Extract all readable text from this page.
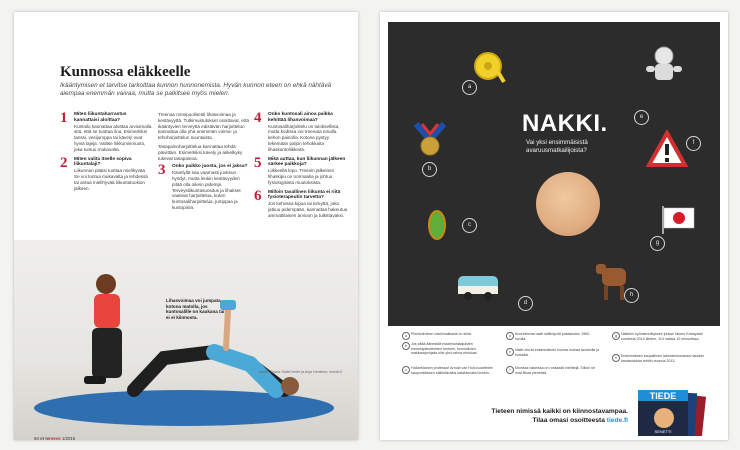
Kunnossa eläkkeelle

Ikääntymisen et tarvitse tarkoittaa kunnon huononemista. Hyvän kunnon eteen on ehkä nähtävä aiempaa enemmän vaivaa, mutta se palkitsee myös mielen.

1 Miten liikuntaharrastus kannattaisi aloittaa?
Kuntoilu kannattaa aloittaa arvioimalla sitä, että se tuottaa iloa. Esimerkiksi tanssi, vesijumppa tai kävely ovat hyviä lajeja. Valitse liikkumismuoto, joka tuntuu mukavalta.
2 Miten valita itselle sopiva liikuntalaji?
Liikunnan pitäisi tuottaa mielihyvää. Se voi tuntua mukavalta ja tehdessä tai antaa mielihyvää liikuntatuokion jälkeen.

Treenaa monipuolisesti lihasvoimaa ja kestävyyttä. Tutkimustulokset osoittavat, että ikääntyvien terveyttä edistävän harjoittelun kannattaa olla yhä enemmän voima- ja tehoharjoittelun suuntaista.

Tasapainoharjoittelua kannattaa tehdä päivittäin. Esimerkiksi kävely ja askelkyky tukevat tasapainoa.

3 Onko paikko juosta, jos ei jaksa?
Kävelyllä saa vaarnasti juoksun hyödyt, mutta lenkin kestävyyden pitää olla oikein pidempi. Terveysliikuntasuositus ja lihakset vaativat harjoittelua, kuten kuntosaliharjoittelua, jumppaa ja kuntopiiriä.
4 Onko kuntosali ainoa paikka kehittää lihasvoimaa?
Kuntosaliharjoittelu on tuloksellista, mutta kodissa voi treenata omalla kehon painolla. Kotona pystyy tekemään paljon tehokkaita lihaskuntoliikkeitä.
5 Mikä auttaa, kun liikunnan jälkeen särkee paikkoja?
Liikkeellä lepo. Treenin jälkeinen lihaskipu on normaalia ja johtuu fysiologisista muutoksista.
6 Milloin tavallinen liikunta ei riitä fysioterapeutin tarvetta?
Jos kehossa kipua tai kireyttä, joka jatkuu pidempään, kannattaa hakeutua ammattilaisen arvioon ja tutkittavaksi.
Lihasvoimaa voi jumpata kotona matolla, jos kuntosalille on kaukana tai ei ei kiinnosta.
Lähde: Fysiox SalktCenter ja Anja Hentinen, elsinki.fi
60 et terveys 1/2015
a
b
c
d
e
f
g
h
NAKKI.
Vai yksi ensimmäisistä avaruusmatkailijoista?
a	Pienikokoinen nakkimakkarat on siinä.
b	Jos pitää äänestää maailmanlaajuisten menestystuotteiden tunturin, tunnistiivien makkarapohjalla olisi yksi vahva ehdokas.
c	Hollantilainen professori Arnold van Huis luokittelee kaupunkilaisen säilöntäväksi kalakivinaksi kunkin.
d	Kuorettomat nakit sälliintyvät pakaskuten 1960-luvulla.
e	Nakit ohivat ensimmäinen kuuma ruokaa tavaroilla ja kurssilla.
f	Monissa nakeissa on runsaasti nitriittejä. Silloin ne ovat liikaa pieneisiä.
g	Nakkien syöntiennätyksen johtaa Takeru Kobayashi vuodesta 2014 lähtien, 110 nakkia 10 minuutissa.
h	Ensimmäinen kaupallinen laboratoriomassa nauiden kantasoluista tehtiin vuonna 2013.
Tieteen nimissä kaikki on kiinnostavampaa.
Tilaa omasi osoitteesta tiede.fi
TIEDE
SENETTI
